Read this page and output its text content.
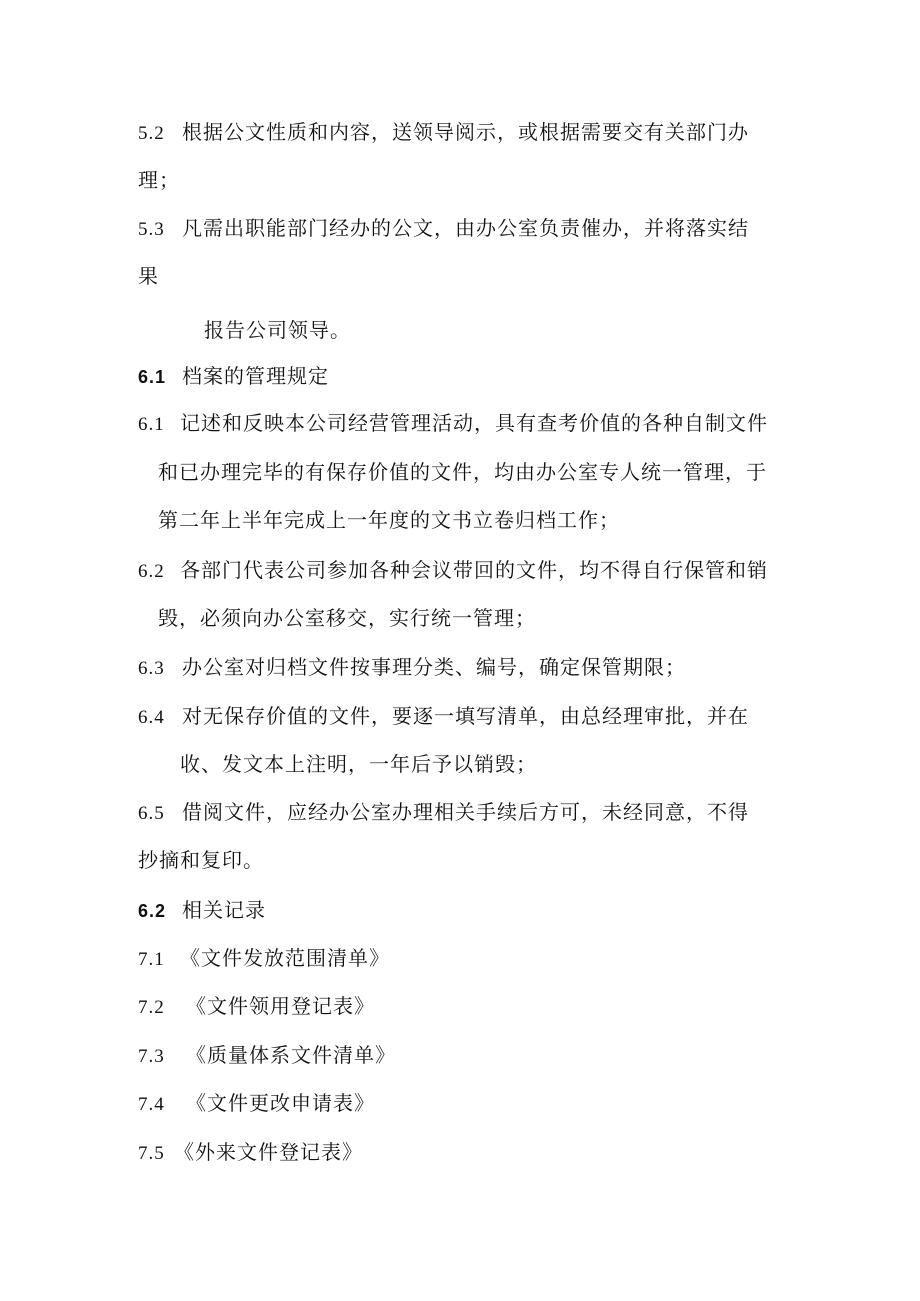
5.2 根据公文性质和内容，送领导阅示，或根据需要交有关部门办
理；
5.3 凡需出职能部门经办的公文，由办公室负责催办，并将落实结
果
报告公司领导。
6.1 档案的管理规定
6.1 记述和反映本公司经营管理活动，具有查考价值的各种自制文件
和已办理完毕的有保存价值的文件，均由办公室专人统一管理，于
第二年上半年完成上一年度的文书立卷归档工作；
6.2 各部门代表公司参加各种会议带回的文件，均不得自行保管和销
毁，必须向办公室移交，实行统一管理；
6.3 办公室对归档文件按事理分类、编号，确定保管期限；
6.4 对无保存价值的文件，要逐一填写清单，由总经理审批，并在
收、发文本上注明，一年后予以销毁；
6.5 借阅文件，应经办公室办理相关手续后方可，未经同意，不得
抄摘和复印。
6.2 相关记录
7.1 《文件发放范围清单》
7.2 《文件领用登记表》
7.3 《质量体系文件清单》
7.4 《文件更改申请表》
7.5 《外来文件登记表》
